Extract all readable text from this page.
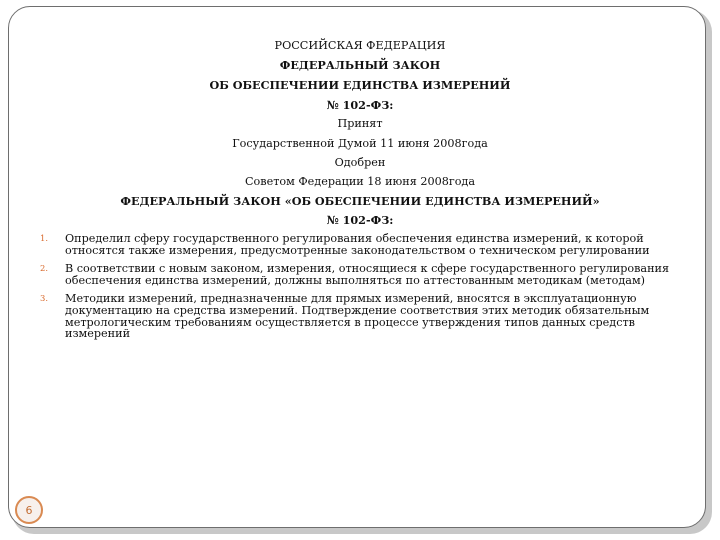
РОССИЙСКАЯ ФЕДЕРАЦИЯ
ФЕДЕРАЛЬНЫЙ ЗАКОН
ОБ ОБЕСПЕЧЕНИИ ЕДИНСТВА ИЗМЕРЕНИЙ
№ 102-ФЗ:
Принят
Государственной Думой 11 июня 2008года
Одобрен
Советом Федерации 18 июня 2008года
ФЕДЕРАЛЬНЫЙ ЗАКОН «ОБ ОБЕСПЕЧЕНИИ ЕДИНСТВА ИЗМЕРЕНИЙ»
№ 102-ФЗ:
1. Определил сферу государственного регулирования обеспечения единства измерений, к которой относятся также измерения, предусмотренные законодательством о техническом регулировании
2. В соответствии с новым законом, измерения, относящиеся к сфере государственного регулирования обеспечения единства измерений, должны выполняться по аттестованным методикам (методам)
3. Методики измерений, предназначенные для прямых измерений, вносятся в эксплуатационную документацию на средства измерений. Подтверждение соответствия этих методик обязательным метрологическим требованиям осуществляется в процессе утверждения типов данных средств измерений
6
